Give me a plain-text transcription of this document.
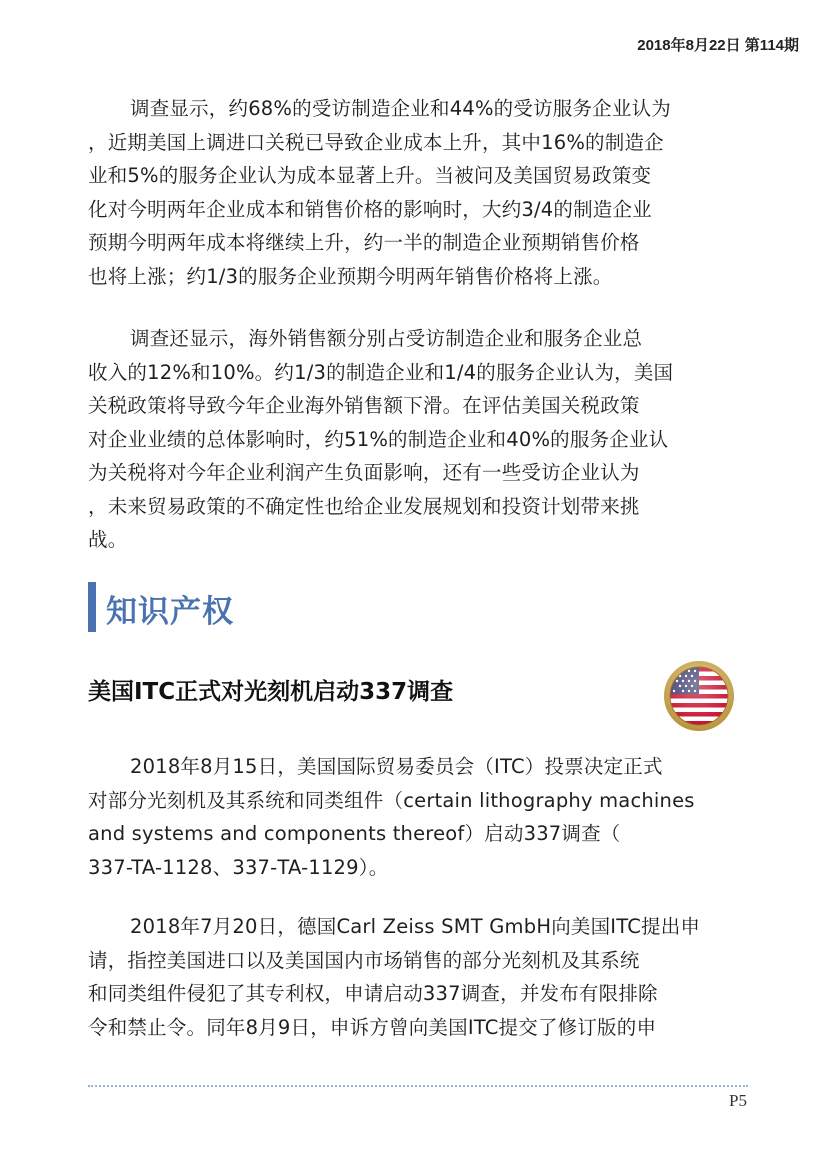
2018年8月22日 第114期

调查显示，约68%的受访制造企业和44%的受访服务企业认为
，近期美国上调进口关税已导致企业成本上升，其中16%的制造企
业和5%的服务企业认为成本显著上升。当被问及美国贸易政策变
化对今明两年企业成本和销售价格的影响时，大约3/4的制造企业
预期今明两年成本将继续上升，约一半的制造企业预期销售价格
也将上涨；约1/3的服务企业预期今明两年销售价格将上涨。

调查还显示，海外销售额分别占受访制造企业和服务企业总
收入的12%和10%。约1/3的制造企业和1/4的服务企业认为，美国
关税政策将导致今年企业海外销售额下滑。在评估美国关税政策
对企业业绩的总体影响时，约51%的制造企业和40%的服务企业认
为关税将对今年企业利润产生负面影响，还有一些受访企业认为
，未来贸易政策的不确定性也给企业发展规划和投资计划带来挑
战。

知识产权
美国ITC正式对光刻机启动337调查

2018年8月15日，美国国际贸易委员会（ITC）投票决定正式
对部分光刻机及其系统和同类组件（certain lithography machines
and systems and components thereof）启动337调查（
337-TA-1128、337-TA-1129）。

2018年7月20日，德国Carl Zeiss SMT GmbH向美国ITC提出申
请，指控美国进口以及美国国内市场销售的部分光刻机及其系统
和同类组件侵犯了其专利权，申请启动337调查，并发布有限排除
令和禁止令。同年8月9日，申诉方曾向美国ITC提交了修订版的申

P5
